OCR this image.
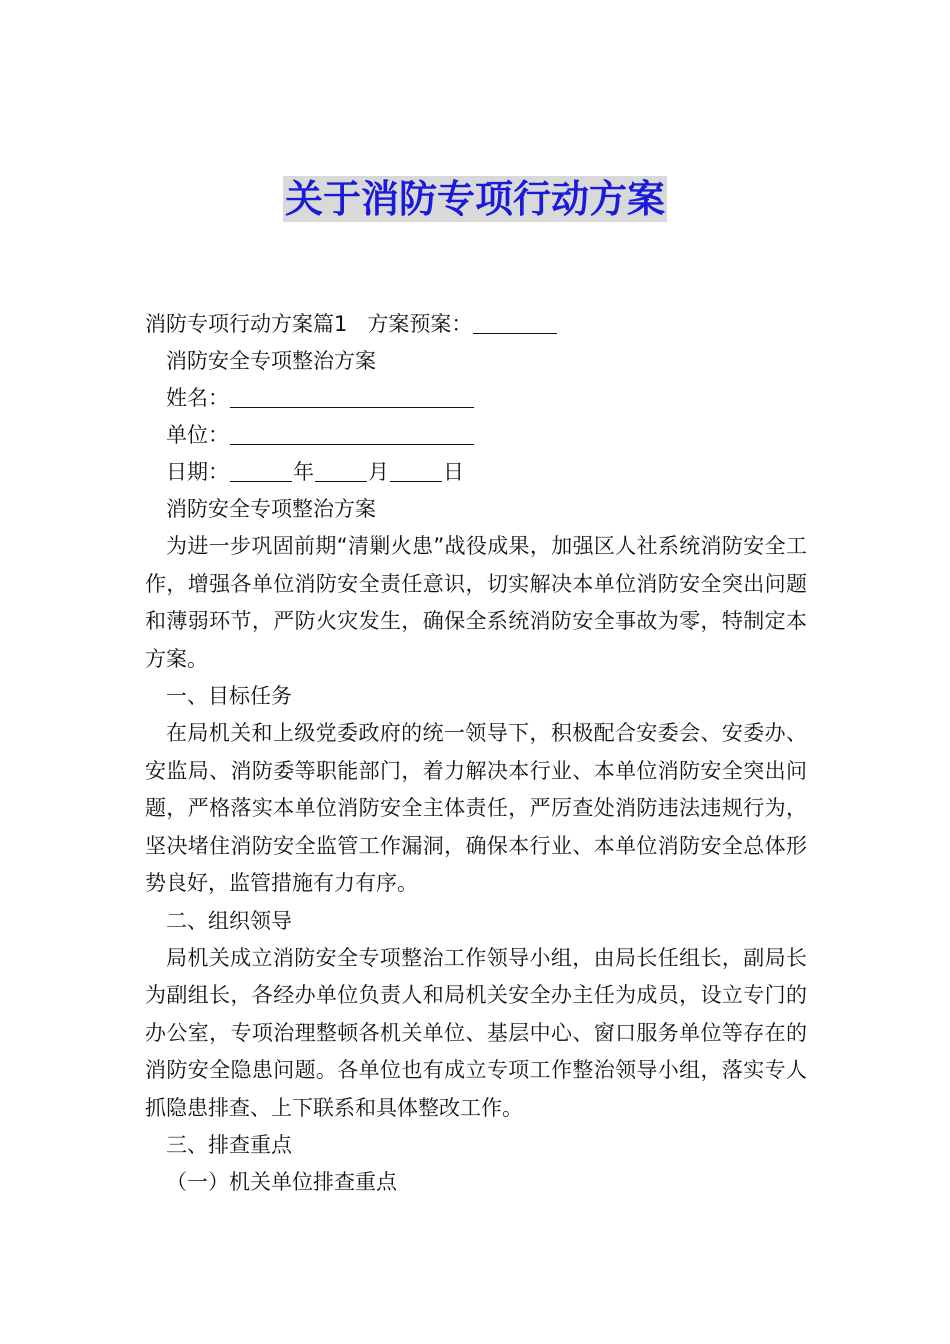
关于消防专项行动方案
消防专项行动方案篇1 方案预案：
消防安全专项整治方案
姓名：
单位：
日期：	年	月	日
消防安全专项整治方案

为进一步巩固前期“清剿火患”战役成果，加强区人社系统消防安全工作，增强各单位消防安全责任意识，切实解决本单位消防安全突出问题和薄弱环节，严防火灾发生，确保全系统消防安全事故为零，特制定本方案。

一、目标任务

在局机关和上级党委政府的统一领导下，积极配合安委会、安委办、安监局、消防委等职能部门，着力解决本行业、本单位消防安全突出问题，严格落实本单位消防安全主体责任，严厉查处消防违法违规行为，坚决堵住消防安全监管工作漏洞，确保本行业、本单位消防安全总体形势良好，监管措施有力有序。

二、组织领导

局机关成立消防安全专项整治工作领导小组，由局长任组长，副局长为副组长，各经办单位负责人和局机关安全办主任为成员，设立专门的办公室，专项治理整顿各机关单位、基层中心、窗口服务单位等存在的消防安全隐患问题。各单位也有成立专项工作整治领导小组，落实专人抓隐患排查、上下联系和具体整改工作。

三、排查重点
（一）机关单位排查重点
